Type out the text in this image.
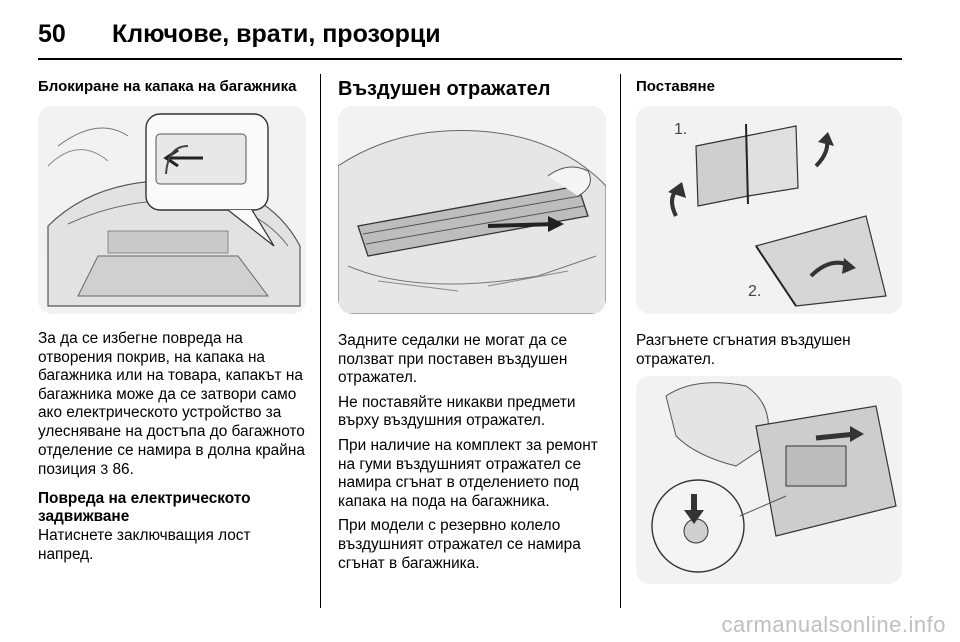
50	Ключове, врати, прозорци
Блокиране на капака на багажника

За да се избегне повреда на отворения покрив, на капака на багажника или на товара, капакът на багажника може да се затвори само ако електрическото устройство за улесняване на достъпа до багажното отделение се намира в долна крайна позиция 3 86.

Повреда на електрическото задвижване

Натиснете заключващия лост напред.

Въздушен отражател

Задните седалки не могат да се ползват при поставен въздушен отражател.

Не поставяйте никакви предмети върху въздушния отражател.

При наличие на комплект за ремонт на гуми въздушният отражател се намира сгънат в отделението под капака на пода на багажника.

При модели с резервно колело въздушният отражател се намира сгънат в багажника.

Поставяне
1.
2.

Разгънете сгънатия въздушен отражател.

carmanualsonline.info
